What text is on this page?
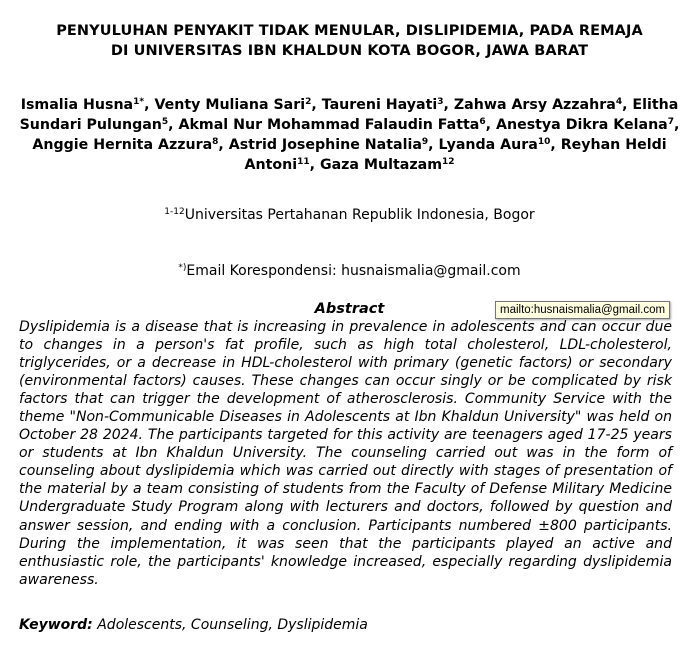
PENYULUHAN PENYAKIT TIDAK MENULAR, DISLIPIDEMIA, PADA REMAJA
DI UNIVERSITAS IBN KHALDUN KOTA BOGOR, JAWA BARAT
Ismalia Husna$^{1*}$, Venty Muliana Sari$^2$, Taureni Hayati$^3$, Zahwa Arsy Azzahra$^4$, Elitha Sundari Pulungan$^5$, Akmal Nur Mohammad Falaudin Fatta$^6$, Anestya Dikra Kelana$^7$, Anggie Hernita Azzura$^8$, Astrid Josephine Natalia$^9$, Lyanda Aura$^{10}$, Reyhan Heldi Antoni$^{11}$, Gaza Multazam$^{12}$
$^{1-12}$Universitas Pertahanan Republik Indonesia, Bogor
*)Email Korespondensi: husnaismalia@gmail.com
Abstract	mailto:husnaismalia@gmail.com
Dyslipidemia is a disease that is increasing in prevalence in adolescents and can occur due to changes in a person's fat profile, such as high total cholesterol, LDL-cholesterol, triglycerides, or a decrease in HDL-cholesterol with primary (genetic factors) or secondary (environmental factors) causes. These changes can occur singly or be complicated by risk factors that can trigger the development of atherosclerosis. Community Service with the theme "Non-Communicable Diseases in Adolescents at Ibn Khaldun University" was held on October 28 2024. The participants targeted for this activity are teenagers aged 17-25 years or students at Ibn Khaldun University. The counseling carried out was in the form of counseling about dyslipidemia which was carried out directly with stages of presentation of the material by a team consisting of students from the Faculty of Defense Military Medicine Undergraduate Study Program along with lecturers and doctors, followed by question and answer session, and ending with a conclusion. Participants numbered ±800 participants. During the implementation, it was seen that the participants played an active and enthusiastic role, the participants' knowledge increased, especially regarding dyslipidemia awareness.
Keyword: Adolescents, Counseling, Dyslipidemia
